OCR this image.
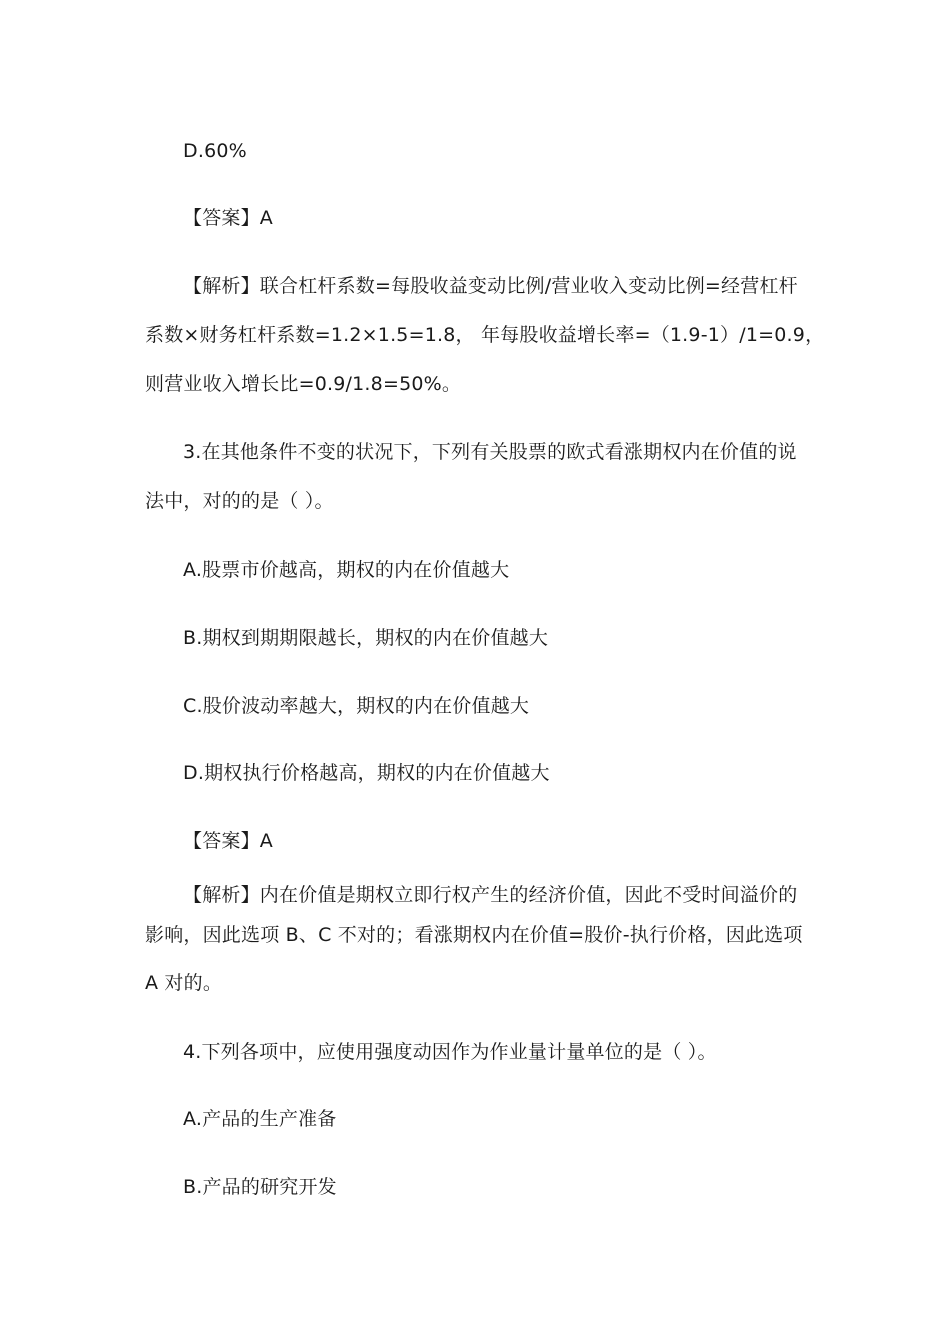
D.60%
【答案】A
【解析】联合杠杆系数=每股收益变动比例/营业收入变动比例=经营杠杆
系数×财务杠杆系数=1.2×1.5=1.8， 年每股收益增长率=（1.9-1）/1=0.9，
则营业收入增长比=0.9/1.8=50%。
3.在其他条件不变的状况下，下列有关股票的欧式看涨期权内在价值的说
法中，对的的是（ ）。
A.股票市价越高，期权的内在价值越大
B.期权到期期限越长，期权的内在价值越大
C.股价波动率越大，期权的内在价值越大
D.期权执行价格越高，期权的内在价值越大
【答案】A
【解析】内在价值是期权立即行权产生的经济价值，因此不受时间溢价的
影响，因此选项 B、C 不对的；看涨期权内在价值=股价-执行价格，因此选项
A 对的。
4.下列各项中，应使用强度动因作为作业量计量单位的是（ ）。
A.产品的生产准备
B.产品的研究开发
